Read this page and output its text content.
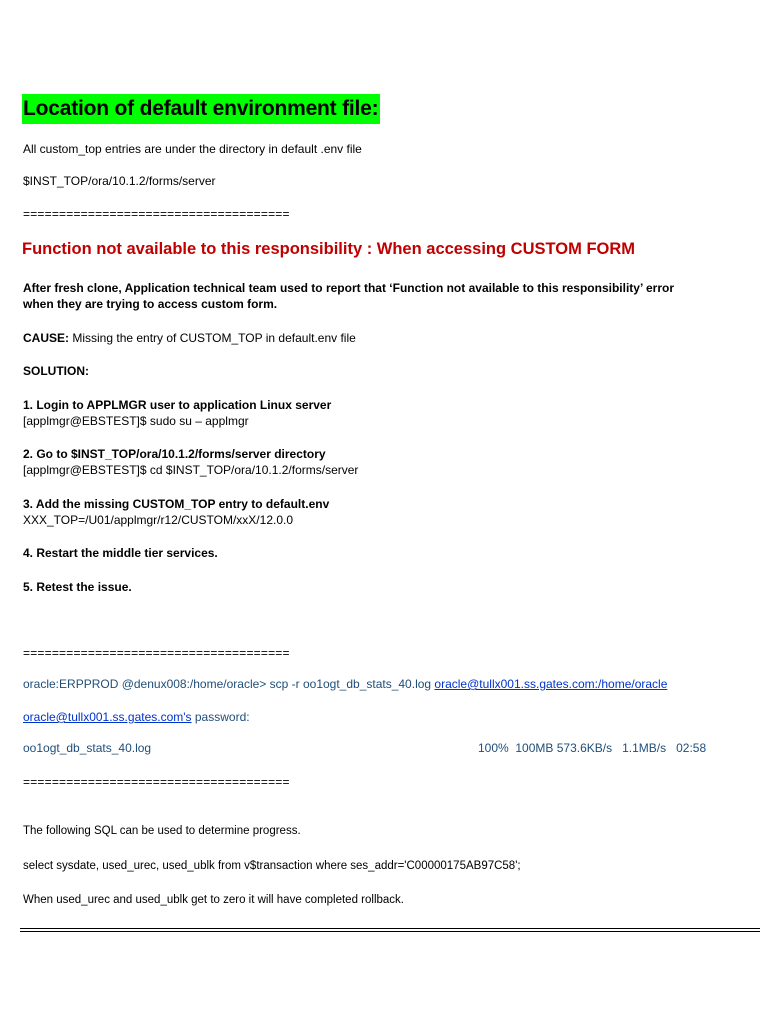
Location of default environment file:
All custom_top entries are under the directory in default .env file
$INST_TOP/ora/10.1.2/forms/server
=====================================
Function not available to this responsibility : When accessing CUSTOM FORM
After fresh clone, Application technical team used to report that ‘Function not available to this responsibility’ error
when they are trying to access custom form.
CAUSE: Missing the entry of CUSTOM_TOP in default.env file
SOLUTION:
1. Login to APPLMGR user to application Linux server
[applmgr@EBSTEST]$ sudo su – applmgr
2. Go to $INST_TOP/ora/10.1.2/forms/server directory
[applmgr@EBSTEST]$ cd $INST_TOP/ora/10.1.2/forms/server
3. Add the missing CUSTOM_TOP entry to default.env
XXX_TOP=/U01/applmgr/r12/CUSTOM/xxX/12.0.0
4. Restart the middle tier services.
5. Retest the issue.
=====================================
oracle:ERPPROD @denux008:/home/oracle> scp -r oo1ogt_db_stats_40.log oracle@tullx001.ss.gates.com:/home/oracle
oracle@tullx001.ss.gates.com's password:
oo1ogt_db_stats_40.log	100%  100MB 573.6KB/s   1.1MB/s   02:58
=====================================
The following SQL can be used to determine progress.
select sysdate, used_urec, used_ublk from v$transaction where ses_addr='C00000175AB97C58';
When used_urec and used_ublk get to zero it will have completed rollback.
